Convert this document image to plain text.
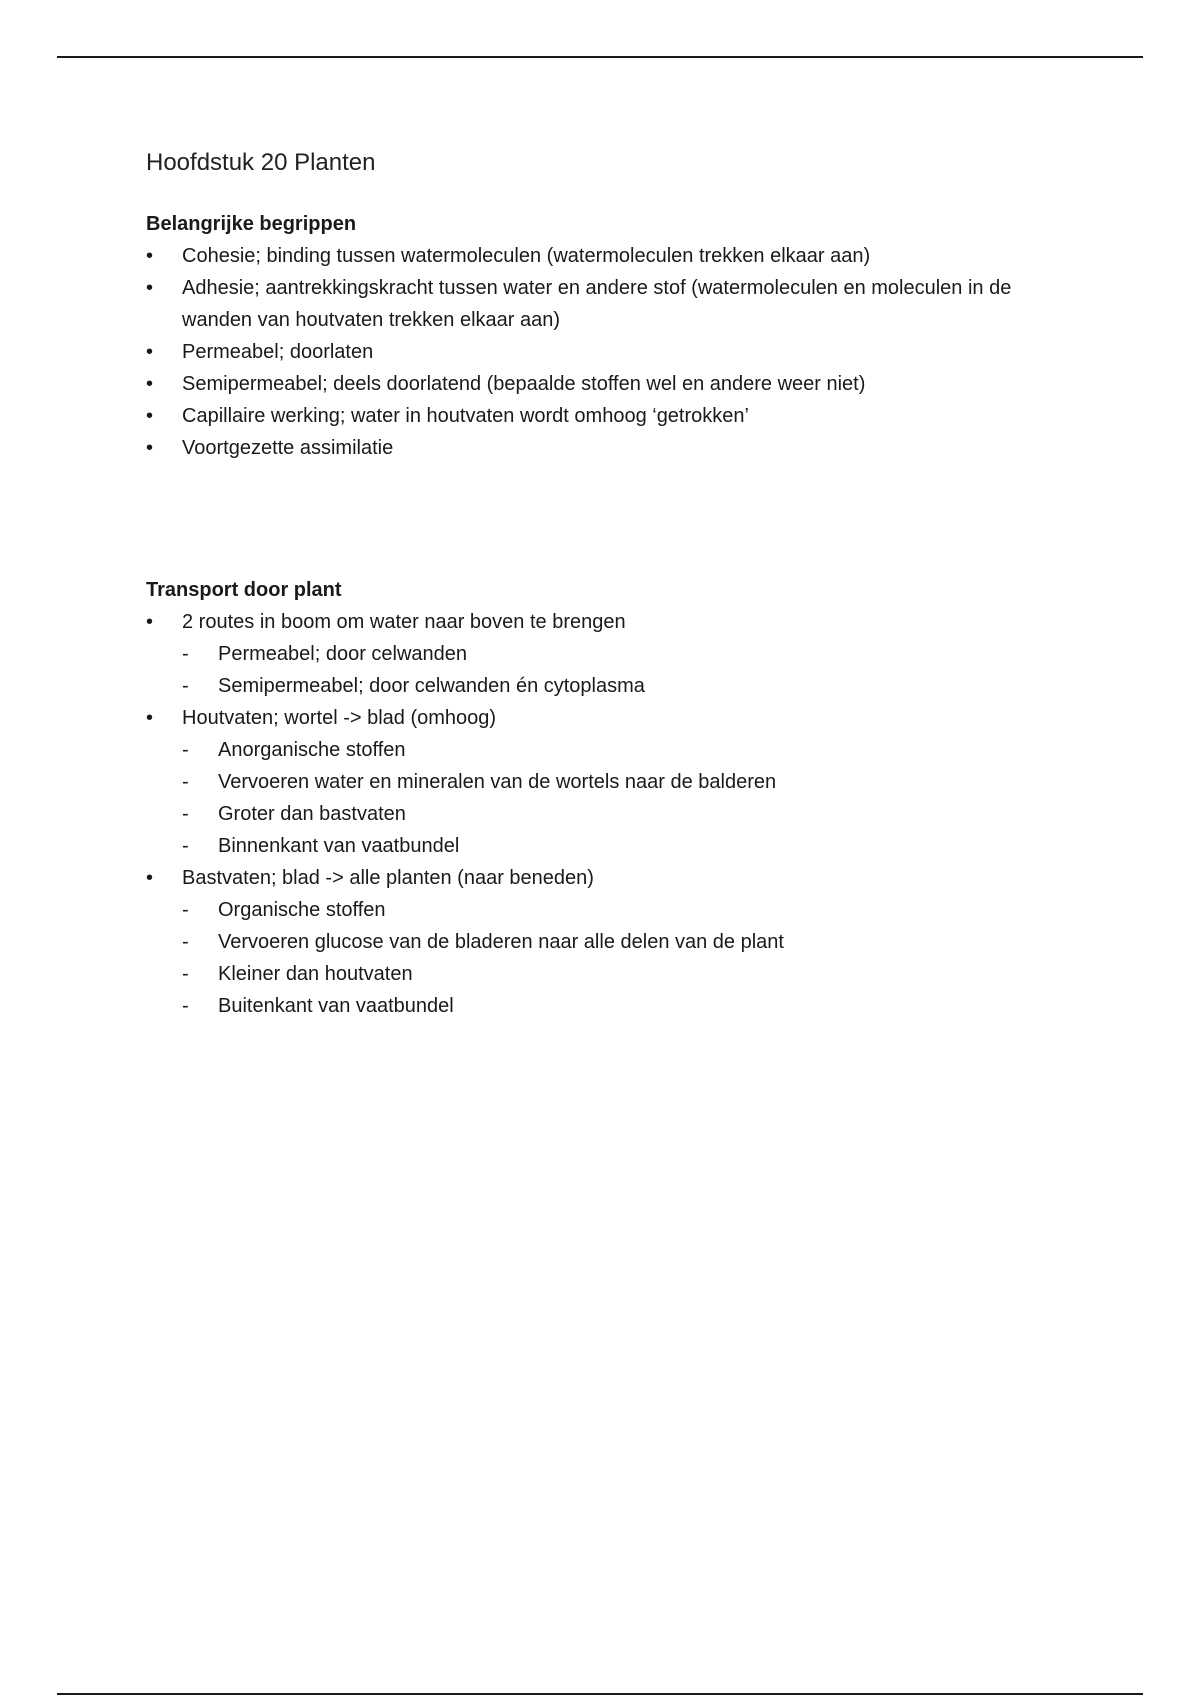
Hoofdstuk 20 Planten
Belangrijke begrippen
•	Cohesie; binding tussen watermoleculen (watermoleculen trekken elkaar aan)
•	Adhesie; aantrekkingskracht tussen water en andere stof (watermoleculen en moleculen in de wanden van houtvaten trekken elkaar aan)
•	Permeabel; doorlaten
•	Semipermeabel; deels doorlatend (bepaalde stoffen wel en andere weer niet)
•	Capillaire werking; water in houtvaten wordt omhoog ‘getrokken’
•	Voortgezette assimilatie
Transport door plant
•	2 routes in boom om water naar boven te brengen
-	Permeabel; door celwanden
-	Semipermeabel; door celwanden én cytoplasma
•	Houtvaten; wortel -> blad (omhoog)
-	Anorganische stoffen
-	Vervoeren water en mineralen van de wortels naar de balderen
-	Groter dan bastvaten
-	Binnenkant van vaatbundel
•	Bastvaten; blad -> alle planten (naar beneden)
-	Organische stoffen
-	Vervoeren glucose van de bladeren naar alle delen van de plant
-	Kleiner dan houtvaten
-	Buitenkant van vaatbundel
